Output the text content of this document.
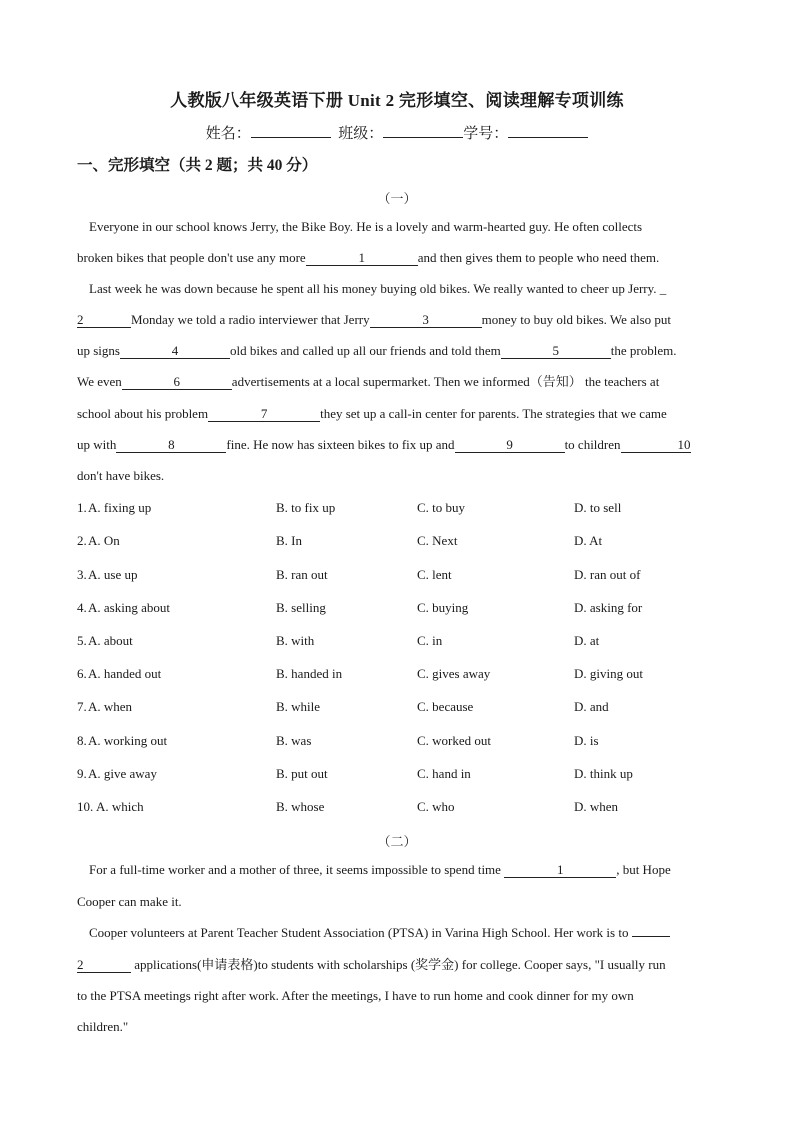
人教版八年级英语下册 Unit 2 完形填空、阅读理解专项训练
姓名：	班级：	学号：
一、完形填空（共 2 题；共 40 分）
（一）
Everyone in our school knows Jerry, the Bike Boy. He is a lovely and warm-hearted guy. He often collects
broken bikes that people don't use any more	1	and then gives them to people who need them.
Last week he was down because he spent all his money buying old bikes. We really wanted to cheer up Jerry. _
2	Monday we told a radio interviewer that Jerry	3	money to buy old bikes. We also put
up signs	4	old bikes and called up all our friends and told them	5	the problem.
We even	6	advertisements at a local supermarket. Then we informed（告知） the teachers at
school about his problem	7	they set up a call-in center for parents. The strategies that we came
up with	8	fine. He now has sixteen bikes to fix up and	9	to children	10
don't have bikes.
1. A. fixing up	B. to fix up	C. to buy	D. to sell
2. A. On	B. In	C. Next	D. At
3. A. use up	B. ran out	C. lent	D. ran out of
4. A. asking about	B. selling	C. buying	D. asking for
5. A. about	B. with	C. in	D. at
6. A. handed out	B. handed in	C. gives away	D. giving out
7. A. when	B. while	C. because	D. and
8. A. working out	B. was	C. worked out	D. is
9. A. give away	B. put out	C. hand in	D. think up
10. A. which	B. whose	C. who	D. when
（二）
For a full-time worker and a mother of three, it seems impossible to spend time	1	, but Hope
Cooper can make it.
Cooper volunteers at Parent Teacher Student Association (PTSA) in Varina High School. Her work is to
2	applications(申请表格)to students with scholarships (奖学金) for college. Cooper says, "I usually run
to the PTSA meetings right after work. After the meetings, I have to run home and cook dinner for my own
children."
